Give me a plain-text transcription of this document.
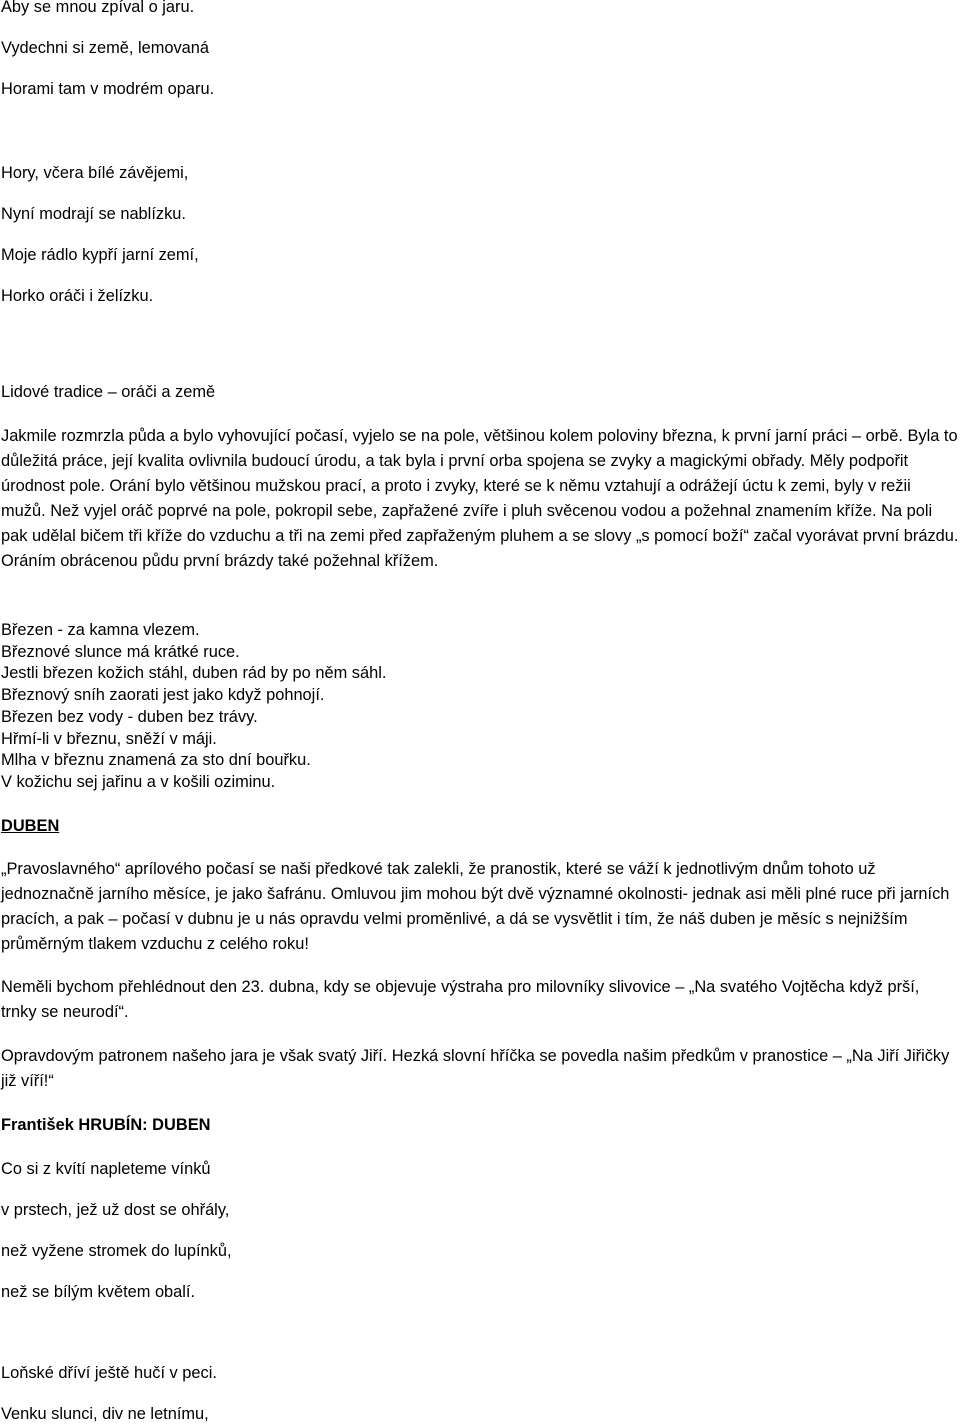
Aby se mnou zpíval o jaru.
Vydechni si země, lemovaná
Horami tam v modrém oparu.
Hory, včera bílé závějemi,
Nyní modrají se nablízku.
Moje rádlo kypří jarní zemí,
Horko oráči i želízku.
Lidové tradice – oráči a země
Jakmile rozmrzla půda a bylo vyhovující počasí, vyjelo se na pole, většinou kolem poloviny března, k první jarní práci – orbě. Byla to důležitá práce, její kvalita ovlivnila budoucí úrodu, a tak byla i první orba spojena se zvyky a magickými obřady. Měly podpořit úrodnost pole. Orání bylo většinou mužskou prací, a proto i zvyky, které se k němu vztahují a odrážejí úctu k zemi, byly v režii mužů. Než vyjel oráč poprvé na pole, pokropil sebe, zapřažené zvíře i pluh svěcenou vodou a požehnal znamením kříže. Na poli pak udělal bičem tři kříže do vzduchu a tři na zemi před zapřaženým pluhem a se slovy „s pomocí boží“ začal vyorávat první brázdu. Oráním obrácenou půdu první brázdy také požehnal křížem.
Březen - za kamna vlezem.
Březnové slunce má krátké ruce.
Jestli březen kožich stáhl, duben rád by po něm sáhl.
Březnový sníh zaorati jest jako když pohnojí.
Březen bez vody - duben bez trávy.
Hřmí-li v březnu, sněží v máji.
Mlha v březnu znamená za sto dní bouřku.
V kožichu sej jařinu a v košili oziminu.
DUBEN
„Pravoslavného“ aprílového počasí se naši předkové tak zalekli, že pranostik, které se váží k jednotlivým dnům tohoto už jednoznačně jarního měsíce, je jako šafránu. Omluvou jim mohou být dvě významné okolnosti- jednak asi měli plné ruce při jarních pracích, a pak – počasí v dubnu je u nás opravdu velmi proměnlivé, a dá se vysvětlit i tím, že náš duben je měsíc s nejnižším průměrným tlakem vzduchu z celého roku!
Neměli bychom přehlédnout den 23. dubna, kdy se objevuje výstraha pro milovníky slivovice – „Na svatého Vojtěcha když prší, trnky se neurodí“.
Opravdovým patronem našeho jara je však svatý Jiří. Hezká slovní hříčka se povedla našim předkům v pranostice – „Na Jiří Jiřičky již víří!“
František HRUBÍN: DUBEN
Co si z kvítí napleteme vínků
v prstech, jež už dost se ohřály,
než vyžene stromek do lupínků,
než se bílým květem obalí.
Loňské dříví ještě hučí v peci.
Venku slunci, div ne letnímu,
